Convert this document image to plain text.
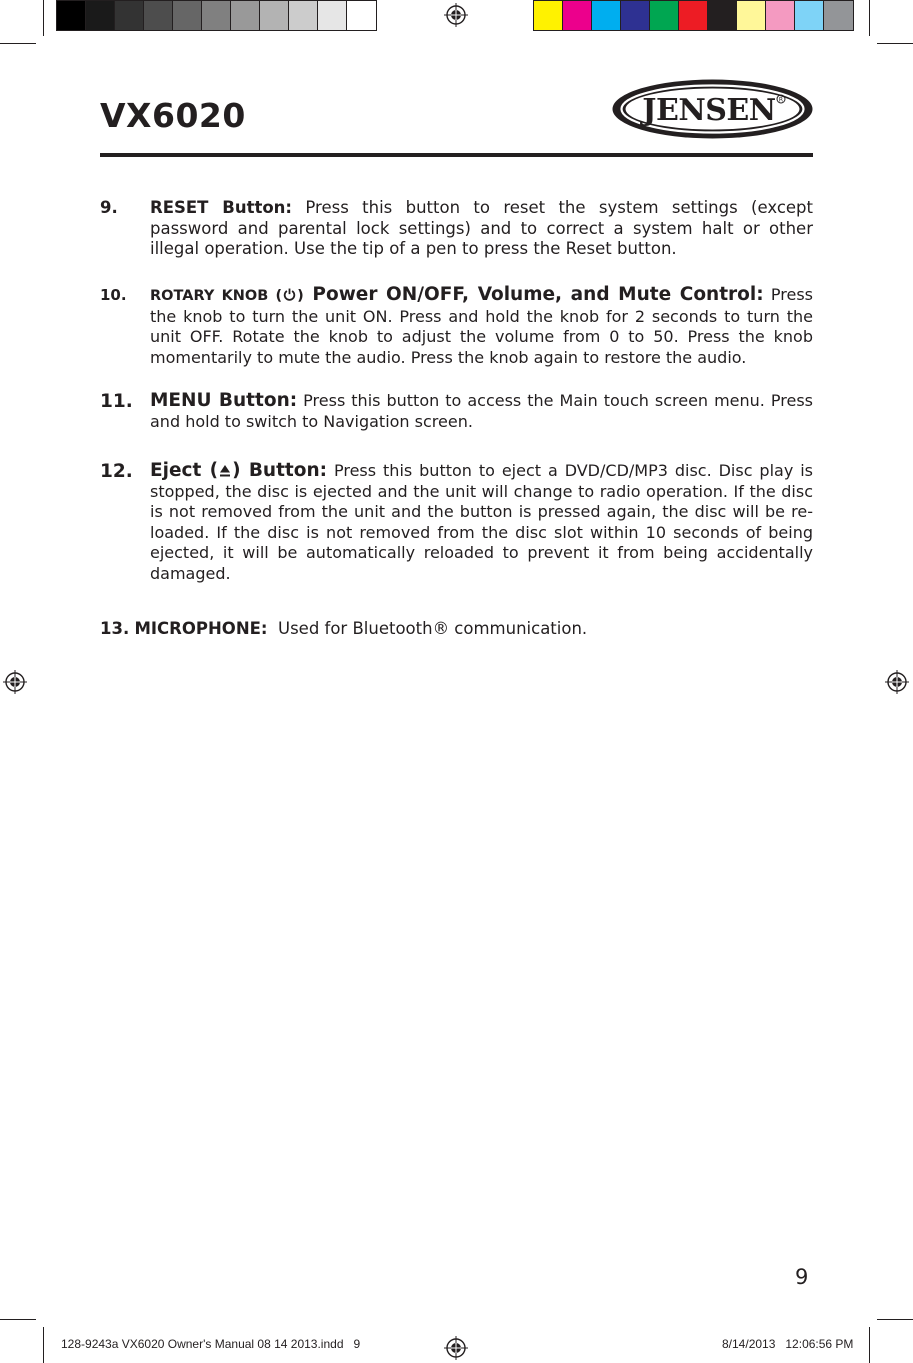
VX6020	JENSEN R
9. RESET Button: Press this button to reset the system settings (except password and parental lock settings) and to correct a system halt or other illegal operation. Use the tip of a pen to press the Reset button.
10. ROTARY KNOB ( ) Power ON/OFF, Volume, and Mute Control: Press the knob to turn the unit ON. Press and hold the knob for 2 seconds to turn the unit OFF. Rotate the knob to adjust the volume from 0 to 50. Press the knob momentarily to mute the audio. Press the knob again to restore the audio.
11. MENU Button: Press this button to access the Main touch screen menu. Press and hold to switch to Navigation screen.
12. Eject ( ) Button: Press this button to eject a DVD/CD/MP3 disc. Disc play is stopped, the disc is ejected and the unit will change to radio operation. If the disc is not removed from the unit and the button is pressed again, the disc will be re-loaded. If the disc is not removed from the disc slot within 10 seconds of being ejected, it will be automatically reloaded to prevent it from being accidentally damaged.
13. MICROPHONE:  Used for Bluetooth® communication.
9
128-9243a VX6020 Owner's Manual 08 14 2013.indd   9	8/14/2013   12:06:56 PM
